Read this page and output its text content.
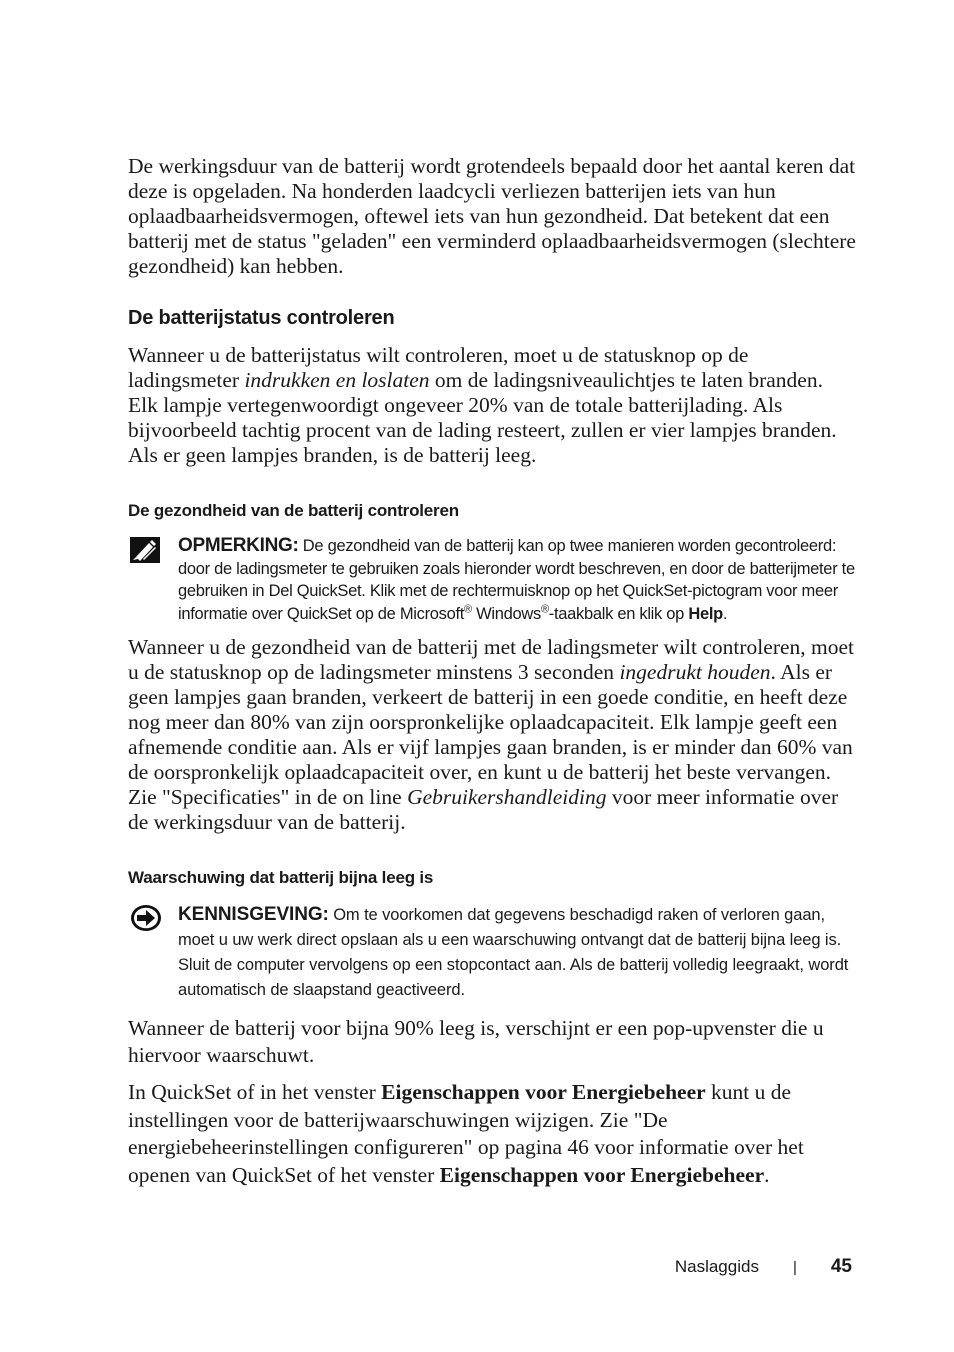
De werkingsduur van de batterij wordt grotendeels bepaald door het aantal keren dat deze is opgeladen. Na honderden laadcycli verliezen batterijen iets van hun oplaadbaarheidsvermogen, oftewel iets van hun gezondheid. Dat betekent dat een batterij met de status "geladen" een verminderd oplaadbaarheidsvermogen (slechtere gezondheid) kan hebben.

De batterijstatus controleren

Wanneer u de batterijstatus wilt controleren, moet u de statusknop op de ladingsmeter indrukken en loslaten om de ladingsniveaulichtjes te laten branden. Elk lampje vertegenwoordigt ongeveer 20% van de totale batterijlading. Als bijvoorbeeld tachtig procent van de lading resteert, zullen er vier lampjes branden. Als er geen lampjes branden, is de batterij leeg.

De gezondheid van de batterij controleren
OPMERKING: De gezondheid van de batterij kan op twee manieren worden gecontroleerd: door de ladingsmeter te gebruiken zoals hieronder wordt beschreven, en door de batterijmeter te gebruiken in Del QuickSet. Klik met de rechtermuisknop op het QuickSet-pictogram voor meer informatie over QuickSet op de Microsoft® Windows®-taakbalk en klik op Help.

Wanneer u de gezondheid van de batterij met de ladingsmeter wilt controleren, moet u de statusknop op de ladingsmeter minstens 3 seconden ingedrukt houden. Als er geen lampjes gaan branden, verkeert de batterij in een goede conditie, en heeft deze nog meer dan 80% van zijn oorspronkelijke oplaadcapaciteit. Elk lampje geeft een afnemende conditie aan. Als er vijf lampjes gaan branden, is er minder dan 60% van de oorspronkelijk oplaadcapaciteit over, en kunt u de batterij het beste vervangen. Zie "Specificaties" in de on line Gebruikershandleiding voor meer informatie over de werkingsduur van de batterij.

Waarschuwing dat batterij bijna leeg is
KENNISGEVING: Om te voorkomen dat gegevens beschadigd raken of verloren gaan, moet u uw werk direct opslaan als u een waarschuwing ontvangt dat de batterij bijna leeg is. Sluit de computer vervolgens op een stopcontact aan. Als de batterij volledig leegraakt, wordt automatisch de slaapstand geactiveerd.

Wanneer de batterij voor bijna 90% leeg is, verschijnt er een pop-upvenster die u hiervoor waarschuwt.

In QuickSet of in het venster Eigenschappen voor Energiebeheer kunt u de instellingen voor de batterijwaarschuwingen wijzigen. Zie "De energiebeheerinstellingen configureren" op pagina 46 voor informatie over het openen van QuickSet of het venster Eigenschappen voor Energiebeheer.

Naslaggids | 45
